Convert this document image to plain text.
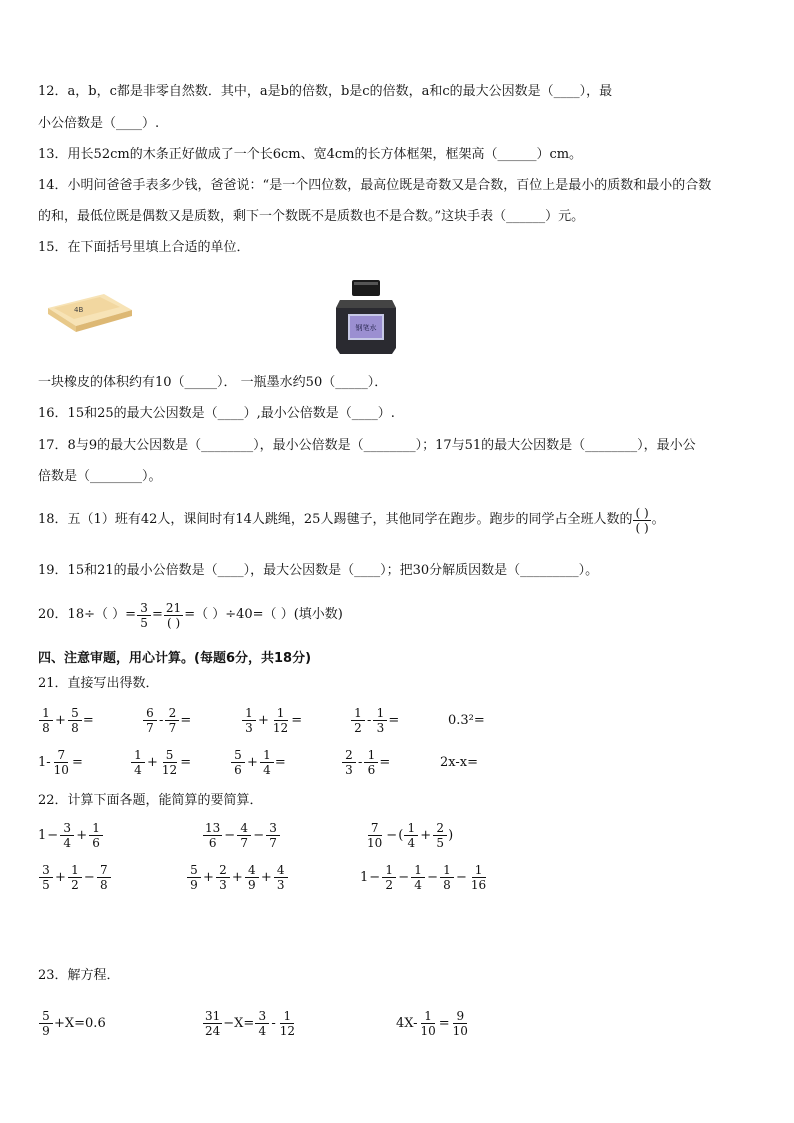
12．a，b，c都是非零自然数．其中，a是b的倍数，b是c的倍数，a和c的最大公因数是（____），最
小公倍数是（____）.
13．用长52cm的木条正好做成了一个长6cm、宽4cm的长方体框架，框架高（______）cm。
14．小明问爸爸手表多少钱，爸爸说：“是一个四位数，最高位既是奇数又是合数，百位上是最小的质数和最小的合数
的和，最低位既是偶数又是质数，剩下一个数既不是质数也不是合数。”这块手表（______）元。
15．在下面括号里填上合适的单位．
4B
钢笔水
一块橡皮的体积约有10（_____）． 一瓶墨水约50（_____）．
16．15和25的最大公因数是（____）,最小公倍数是（____）.
17．8与9的最大公因数是（________），最小公倍数是（________）；17与51的最大公因数是（________），最小公
倍数是（________）。
18．五（1）班有42人，课间时有14人跳绳，25人踢毽子，其他同学在跑步。跑步的同学占全班人数的 $\frac{( )}{( )}$ 。
19．15和21的最小公倍数是（____），最大公因数是（____）；把30分解质因数是（_________）。
20．18÷（ ）= $\frac{3}{5} = \frac{21}{( )}$ =（ ）÷40=（ ）(填小数)
四、注意审题，用心计算。(每题6分，共18分)
21．直接写出得数．
$\frac{1}{8} + \frac{5}{8}$ =	$\frac{6}{7} - \frac{2}{7}$ =	$\frac{1}{3} + \frac{1}{12}$ =	$\frac{1}{2} - \frac{1}{3}$ =	0.3²=
$1- \frac{7}{10}$ =	$\frac{1}{4} + \frac{5}{12}$ =	$\frac{5}{6} + \frac{1}{4}$ =	$\frac{2}{3} - \frac{1}{6}$ =	2x-x=
22．计算下面各题，能简算的要简算．
$1 - \frac{3}{4} + \frac{1}{6}$	$\frac{13}{6} - \frac{4}{7} - \frac{3}{7}$	$\frac{7}{10}$ − ( $\frac{1}{4} + \frac{2}{5}$ )
$\frac{3}{5} + \frac{1}{2} - \frac{7}{8}$	$\frac{5}{9} + \frac{2}{3} + \frac{4}{9} + \frac{4}{3}$	$1 - \frac{1}{2} - \frac{1}{4} - \frac{1}{8} - \frac{1}{16}$
23．解方程．
$\frac{5}{9} +X=0.6$	$\frac{31}{24} -X= \frac{3}{4} - \frac{1}{12}$	$4X- \frac{1}{10} = \frac{9}{10}$
